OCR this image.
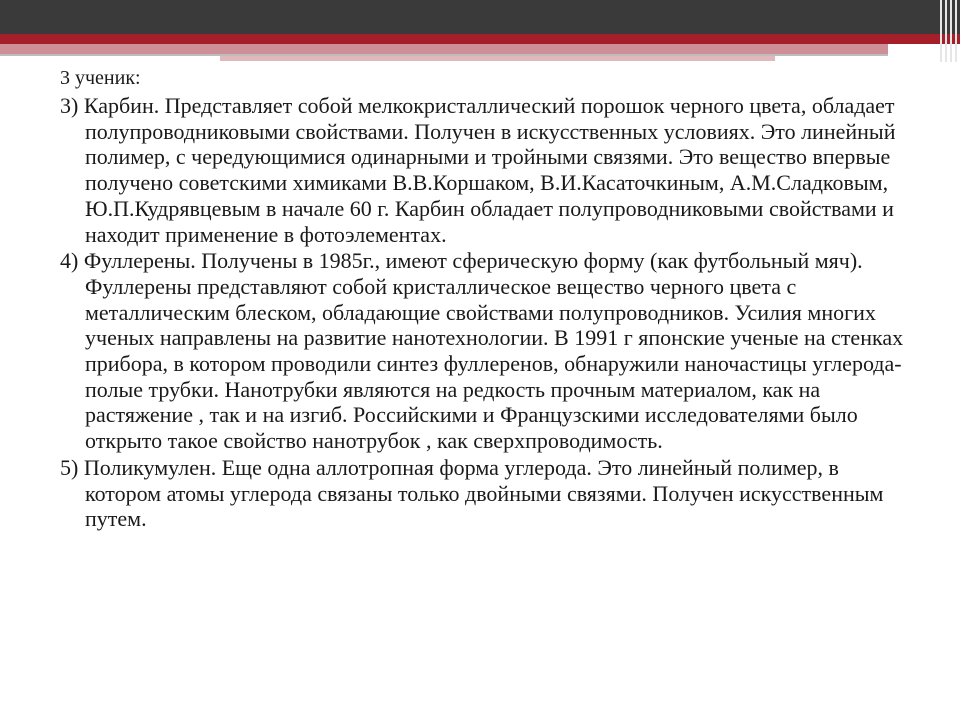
3 ученик:

3) Карбин. Представляет собой мелкокристаллический порошок черного цвета, обладает полупроводниковыми свойствами. Получен в искусственных условиях. Это линейный полимер, с чередующимися одинарными и тройными связями. Это вещество впервые получено советскими химиками В.В.Коршаком, В.И.Касаточкиным, А.М.Сладковым, Ю.П.Кудрявцевым в начале 60 г. Карбин обладает полупроводниковыми свойствами и находит применение в фотоэлементах.

4) Фуллерены. Получены в 1985г., имеют сферическую форму (как футбольный мяч). Фуллерены представляют собой кристаллическое вещество черного цвета с металлическим блеском, обладающие свойствами полупроводников. Усилия многих ученых направлены на развитие нанотехнологии. В 1991 г японские ученые на стенках прибора, в котором проводили синтез фуллеренов, обнаружили наночастицы углерода- полые трубки. Нанотрубки являются на редкость прочным материалом, как на растяжение , так и на изгиб. Российскими и Французскими исследователями было открыто такое свойство нанотрубок , как сверхпроводимость.

5) Поликумулен. Еще одна аллотропная форма углерода. Это линейный полимер, в котором атомы углерода связаны только двойными связями. Получен искусственным путем.
